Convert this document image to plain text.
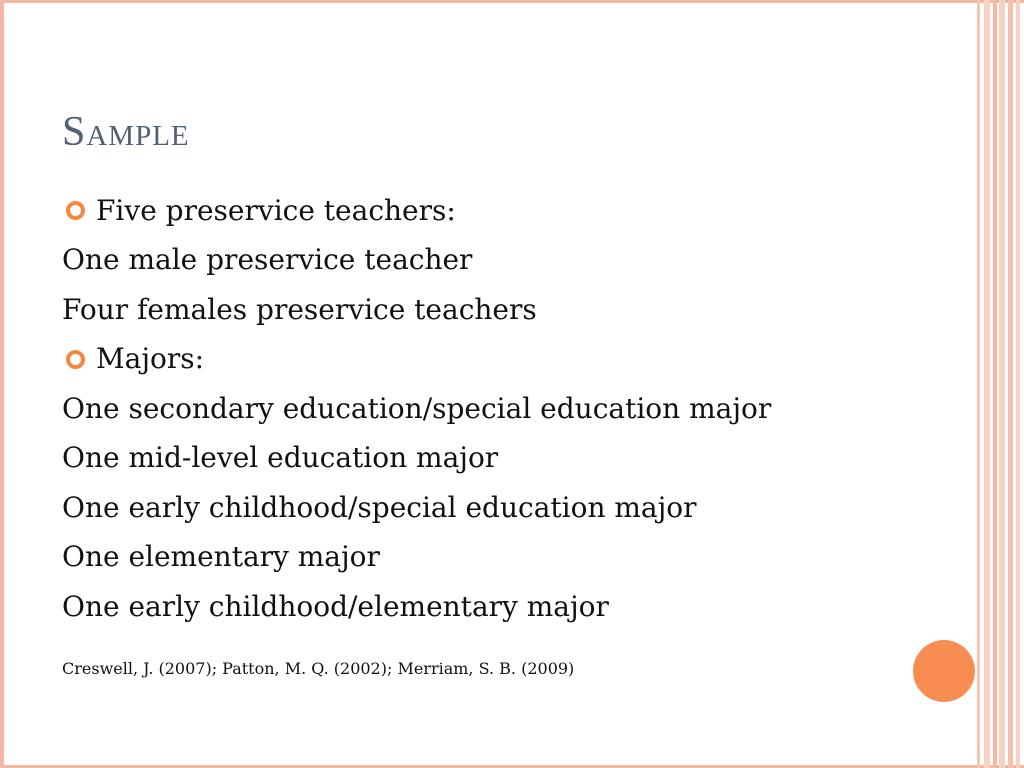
Sample
Five preservice teachers:
One male preservice teacher
Four females preservice teachers
Majors:
One secondary education/special education major
One mid-level education major
One early childhood/special education major
One elementary major
One early childhood/elementary major
Creswell, J. (2007); Patton, M. Q. (2002); Merriam, S. B. (2009)
